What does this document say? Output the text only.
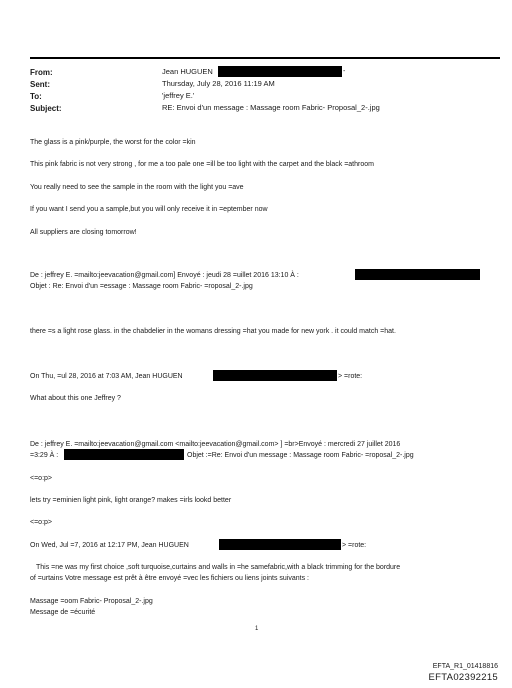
From:	Jean HUGUEN	-
Sent:	Thursday, July 28, 2016 11:19 AM
To:	'jeffrey E.'
Subject:	RE: Envoi d'un message : Massage room Fabric- Proposal_2-.jpg
The glass is a pink/purple, the worst for the color =kin
This pink fabric is not very strong , for me a too pale one =ill be too light with the carpet and the black =athroom
You really need to see the sample in the room with the light you =ave
If you want I send you a sample,but you will only receive it in =eptember now
All suppliers are closing tomorrow!
De : jeffrey E. =mailto:jeevacation@gmail.com] Envoyé : jeudi 28 =uillet 2016 13:10 À :
Objet : Re: Envoi d'un =essage : Massage room Fabric- =roposal_2-.jpg
there =s a light rose glass. in the chabdelier in the womans dressing =hat you made for new york . it could match =hat.
On Thu, =ul 28, 2016 at 7:03 AM, Jean HUGUEN	> =rote:
What about this one Jeffrey ?
De : jeffrey E. =mailto:jeevacation@gmail.com <mailto:jeevacation@gmail.com> ] =br>Envoyé : mercredi 27 juillet 2016
=3:29 À :	Objet :=Re: Envoi d'un message : Massage room Fabric- =roposal_2-.jpg
<=o:p>
lets try =eminien light pink, light orange? makes =irls lookd better
<=o:p>
On Wed, Jul =7, 2016 at 12:17 PM, Jean HUGUEN	> =rote:
This =ne was my first choice ,soft turquoise,curtains and walls in =he samefabric,with a black trimming for the bordure
of =urtains Votre message est prêt à être envoyé =vec les fichiers ou liens joints suivants :
Massage =oom Fabric- Proposal_2-.jpg
Message de =écurité
1
EFTA_R1_01418816
EFTA02392215
